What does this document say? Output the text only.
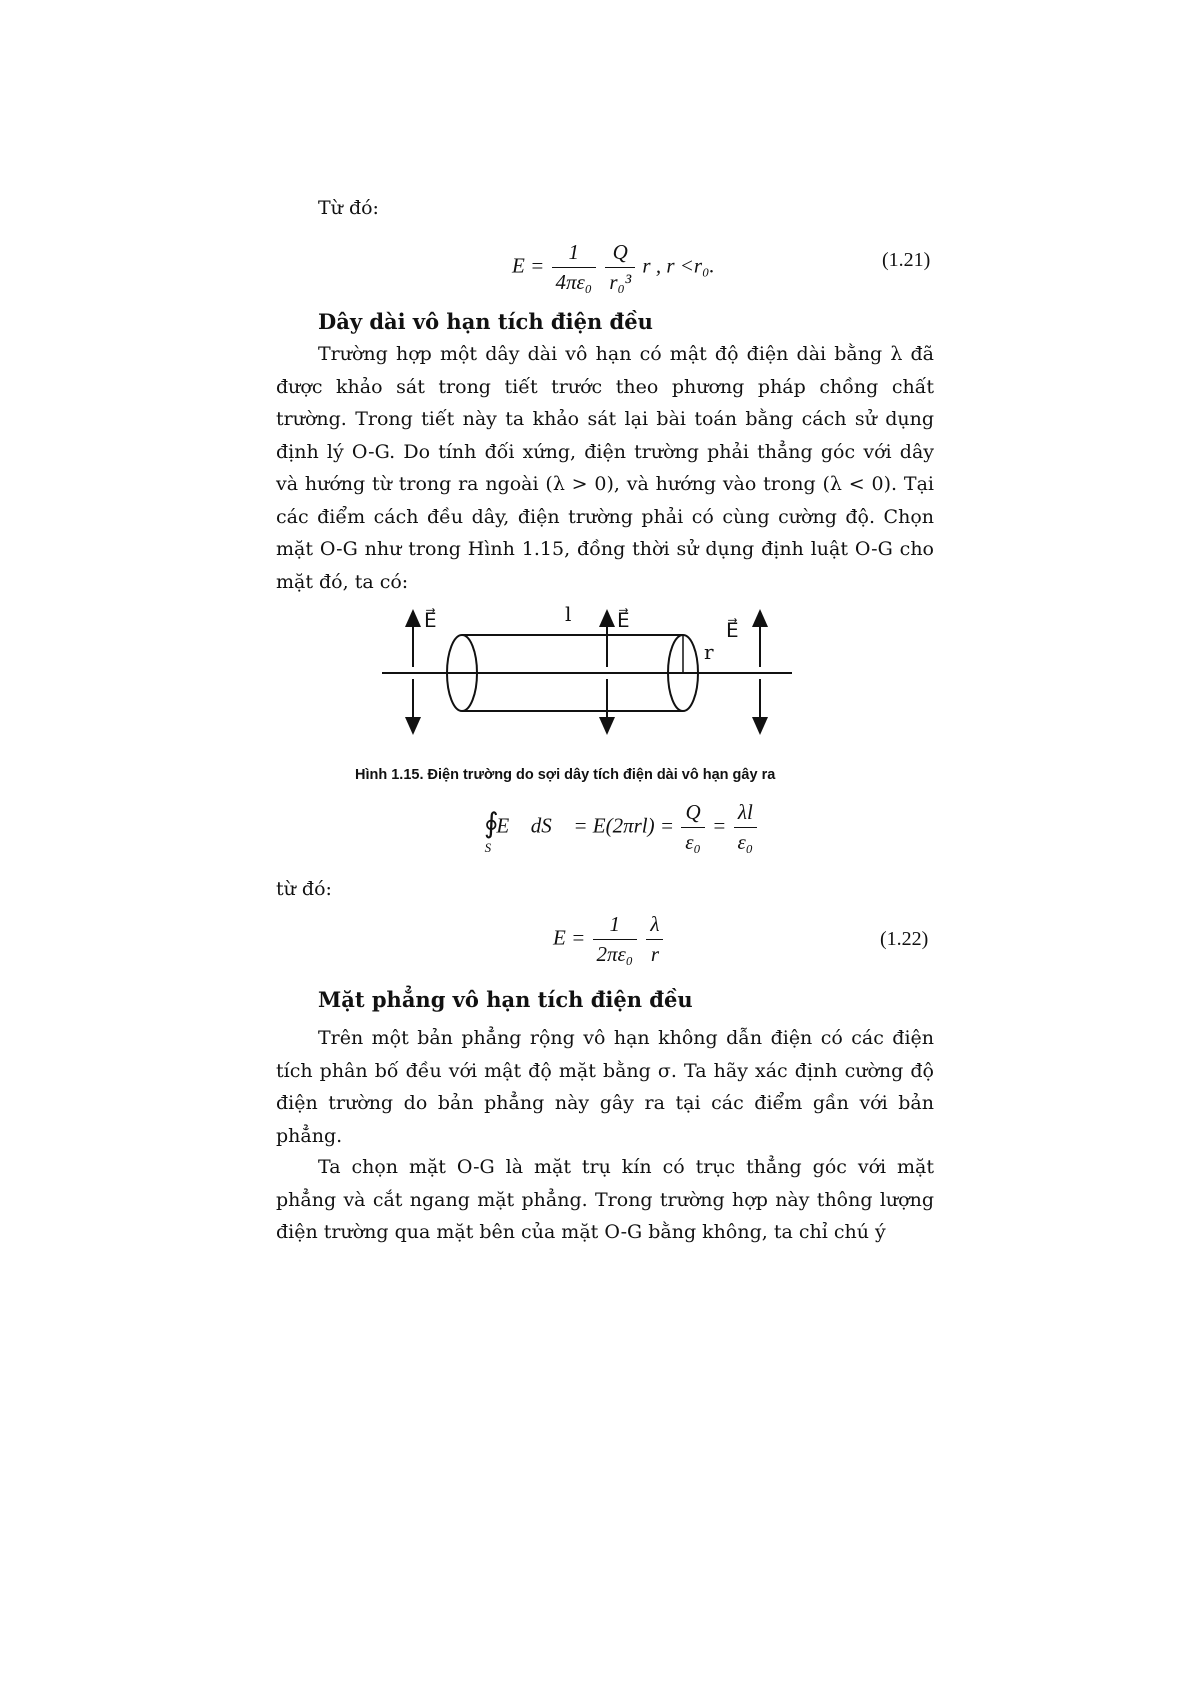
Từ đó:
$E = \frac{1}{\text{4πε₀}}$
$\frac{Q}{\text{r₀³}}$ r , r <r₀.	(1.21)
Dây dài vô hạn tích điện đều

Trường hợp một dây dài vô hạn có mật độ điện dài bằng λ đã được khảo sát trong tiết trước theo phương pháp chồng chất trường. Trong tiết này ta khảo sát lại bài toán bằng cách sử dụng định lý O-G. Do tính đối xứng, điện trường phải thẳng góc với dây và hướng từ trong ra ngoài (λ > 0), và hướng vào trong (λ < 0). Tại các điểm cách đều dây, điện trường phải có cùng cường độ. Chọn mặt O-G như trong Hình 1.15, đồng thời sử dụng định luật O-G cho mặt đó, ta có:

E⃗	l E⃗
r
E⃗
Hình 1.15. Điện trường do sợi dây tích điện dài vô hạn gây ra
$∮_S$ E⃗ dS⃗ = $E(2\pi rl) = \frac{Q}{\text{ε₀}} = \frac{\lambda l}{\text{ε₀}}$
từ đó:
$E = \frac{1}{\text{2πε₀}}$
$\frac{\lambda}{r}$	(1.22)
Mặt phẳng vô hạn tích điện đều

Trên một bản phẳng rộng vô hạn không dẫn điện có các điện tích phân bố đều với mật độ mặt bằng σ. Ta hãy xác định cường độ điện trường do bản phẳng này gây ra tại các điểm gần với bản phẳng.

Ta chọn mặt O-G là mặt trụ kín có trục thẳng góc với mặt phẳng và cắt ngang mặt phẳng. Trong trường hợp này thông lượng điện trường qua mặt bên của mặt O-G bằng không, ta chỉ chú ý
